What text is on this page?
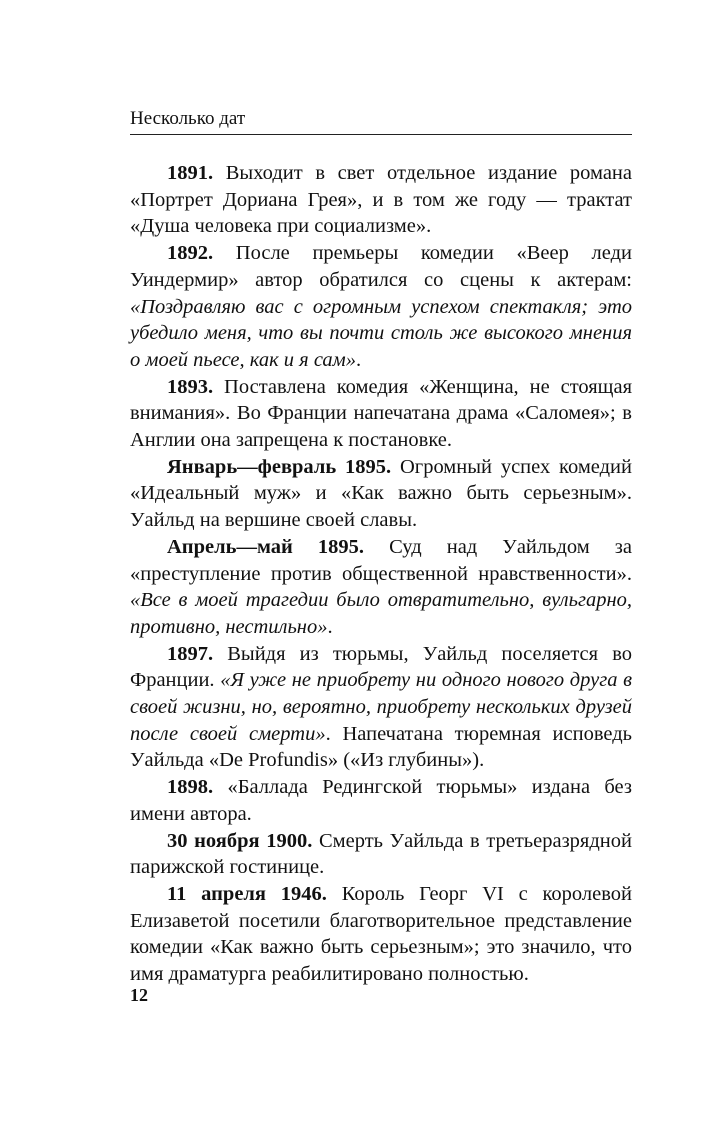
Несколько дат

1891. Выходит в свет отдельное издание романа «Портрет Дориана Грея», и в том же году — трактат «Душа человека при социализме».

1892. После премьеры комедии «Веер леди Уиндермир» автор обратился со сцены к актерам: «Поздравляю вас с огромным успехом спектакля; это убедило меня, что вы почти столь же высокого мнения о моей пьесе, как и я сам».

1893. Поставлена комедия «Женщина, не стоящая внимания». Во Франции напечатана драма «Саломея»; в Англии она запрещена к постановке.

Январь—февраль 1895. Огромный успех комедий «Идеальный муж» и «Как важно быть серьезным». Уайльд на вершине своей славы.

Апрель—май 1895. Суд над Уайльдом за «преступление против общественной нравственности». «Все в моей трагедии было отвратительно, вульгарно, противно, нестильно».

1897. Выйдя из тюрьмы, Уайльд поселяется во Франции. «Я уже не приобрету ни одного нового друга в своей жизни, но, вероятно, приобрету нескольких друзей после своей смерти». Напечатана тюремная исповедь Уайльда «De Profundis» («Из глубины»).

1898. «Баллада Редингской тюрьмы» издана без имени автора.

30 ноября 1900. Смерть Уайльда в третьеразрядной парижской гостинице.

11 апреля 1946. Король Георг VI с королевой Елизаветой посетили благотворительное представление комедии «Как важно быть серьезным»; это значило, что имя драматурга реабилитировано полностью.

12
